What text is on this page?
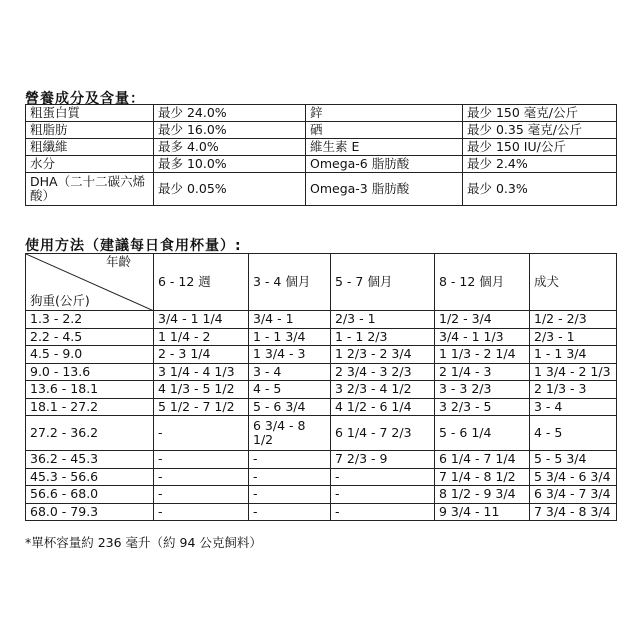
營養成分及含量：
粗蛋白質	最少 24.0%	鋅	最少 150 毫克/公斤
粗脂肪	最少 16.0%	硒	最少 0.35 毫克/公斤
粗纖維	最多 4.0%	維生素 E	最少 150 IU/公斤
水分	最多 10.0%	Omega-6 脂肪酸	最少 2.4%
DHA（二十二碳六烯酸）	最少 0.05%	Omega-3 脂肪酸	最少 0.3%
使用方法（建議每日食用杯量）:
年齡
狗重(公斤)	6 - 12 週	3 - 4 個月	5 - 7 個月	8 - 12 個月	成犬
1.3 - 2.2	3/4 - 1 1/4	3/4 - 1	2/3 - 1	1/2 - 3/4	1/2 - 2/3
2.2 - 4.5	1 1/4 - 2	1 - 1 3/4	1 - 1 2/3	3/4 - 1 1/3	2/3 - 1
4.5 - 9.0	2 - 3 1/4	1 3/4 - 3	1 2/3 - 2 3/4	1 1/3 - 2 1/4	1 - 1 3/4
9.0 - 13.6	3 1/4 - 4 1/3	3 - 4	2 3/4 - 3 2/3	2 1/4 - 3	1 3/4 - 2 1/3
13.6 - 18.1	4 1/3 - 5 1/2	4 - 5	3 2/3 - 4 1/2	3 - 3 2/3	2 1/3 - 3
18.1 - 27.2	5 1/2 - 7 1/2	5 - 6 3/4	4 1/2 - 6 1/4	3 2/3 - 5	3 - 4
27.2 - 36.2	-	6 3/4 - 8 1/2	6 1/4 - 7 2/3	5 - 6 1/4	4 - 5
36.2 - 45.3	-	-	7 2/3 - 9	6 1/4 - 7 1/4	5 - 5 3/4
45.3 - 56.6	-	-	-	7 1/4 - 8 1/2	5 3/4 - 6 3/4
56.6 - 68.0	-	-	-	8 1/2 - 9 3/4	6 3/4 - 7 3/4
68.0 - 79.3	-	-	-	9 3/4 - 11	7 3/4 - 8 3/4
*單杯容量約 236 毫升（約 94 公克飼料）
